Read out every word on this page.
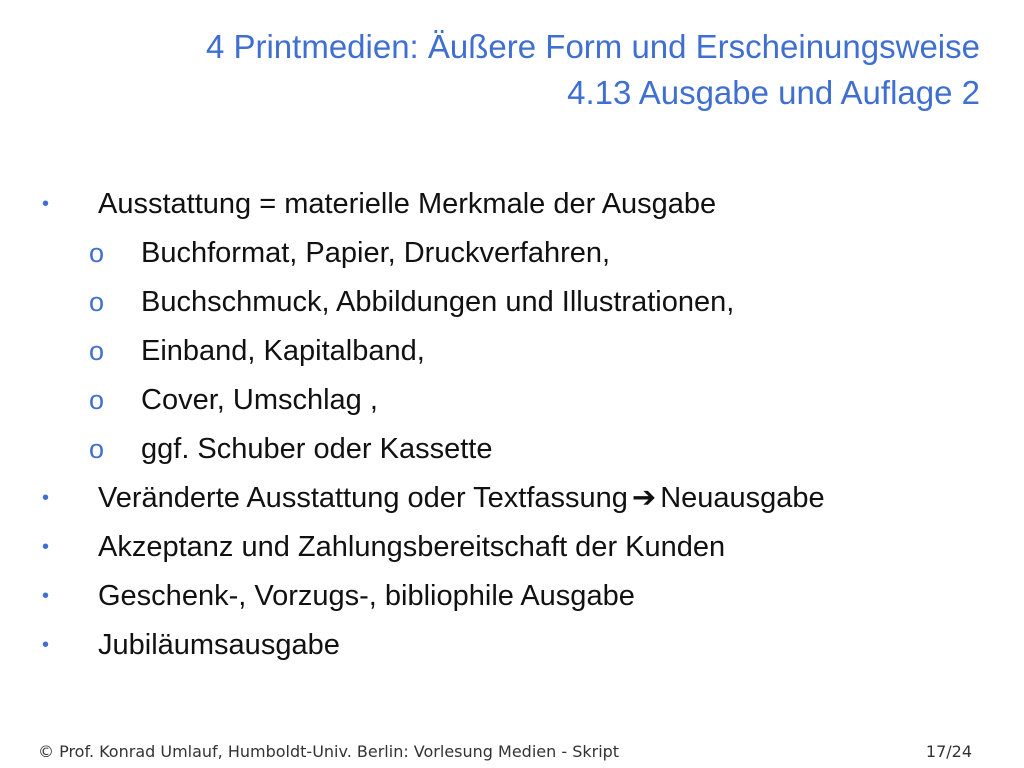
4 Printmedien: Äußere Form und Erscheinungsweise
4.13 Ausgabe und Auflage 2
• Ausstattung = materielle Merkmale der Ausgabe
o Buchformat, Papier, Druckverfahren,
o Buchschmuck, Abbildungen und Illustrationen,
o Einband, Kapitalband,
o Cover, Umschlag ,
o ggf. Schuber oder Kassette
• Veränderte Ausstattung oder Textfassung ➔ Neuausgabe
• Akzeptanz und Zahlungsbereitschaft der Kunden
• Geschenk-, Vorzugs-, bibliophile Ausgabe
• Jubiläumsausgabe
© Prof. Konrad Umlauf, Humboldt-Univ. Berlin: Vorlesung Medien - Skript	17/24
